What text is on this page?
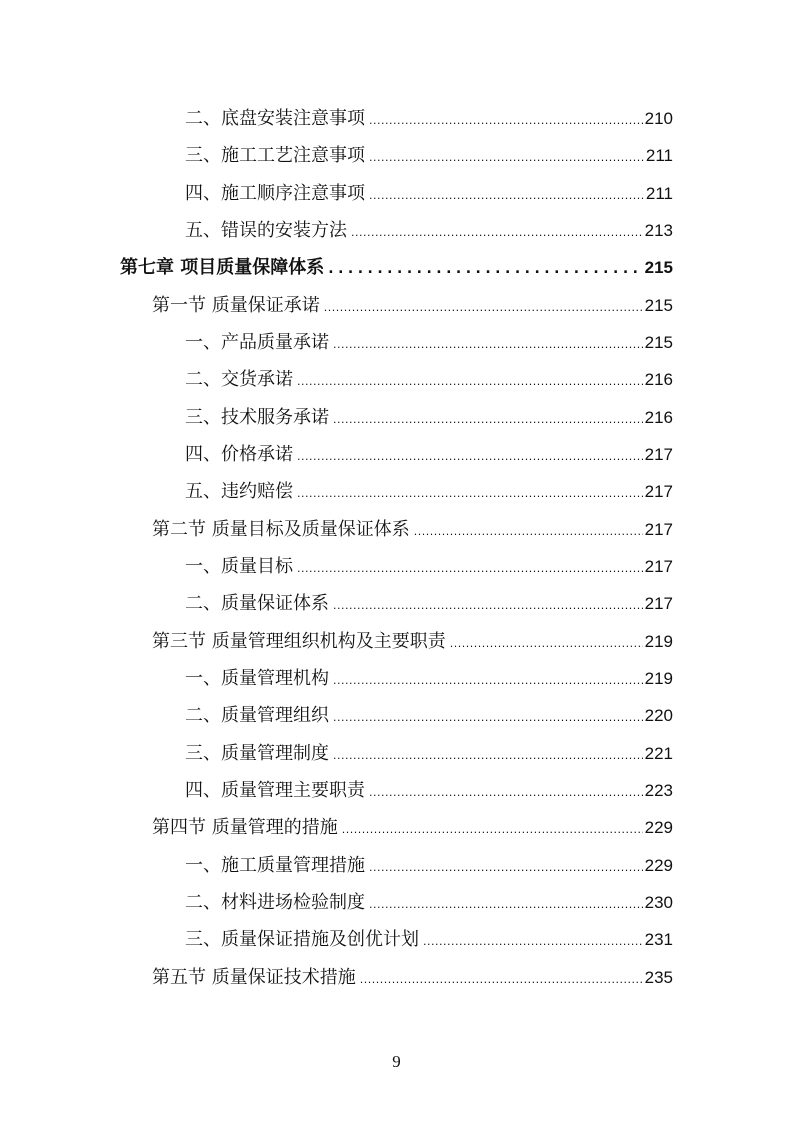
二、底盘安装注意事项 .....	210
三、施工工艺注意事项 .....	211
四、施工顺序注意事项 .....	211
五、错误的安装方法 .....	213
第七章 项目质量保障体系 .....	215
第一节 质量保证承诺 .....	215
一、产品质量承诺 .....	215
二、交货承诺 .....	216
三、技术服务承诺 .....	216
四、价格承诺 .....	217
五、违约赔偿 .....	217
第二节 质量目标及质量保证体系 .....	217
一、质量目标 .....	217
二、质量保证体系 .....	217
第三节 质量管理组织机构及主要职责 .....	219
一、质量管理机构 .....	219
二、质量管理组织 .....	220
三、质量管理制度 .....	221
四、质量管理主要职责 .....	223
第四节 质量管理的措施 .....	229
一、施工质量管理措施 .....	229
二、材料进场检验制度 .....	230
三、质量保证措施及创优计划 .....	231
第五节 质量保证技术措施 .....	235
9
